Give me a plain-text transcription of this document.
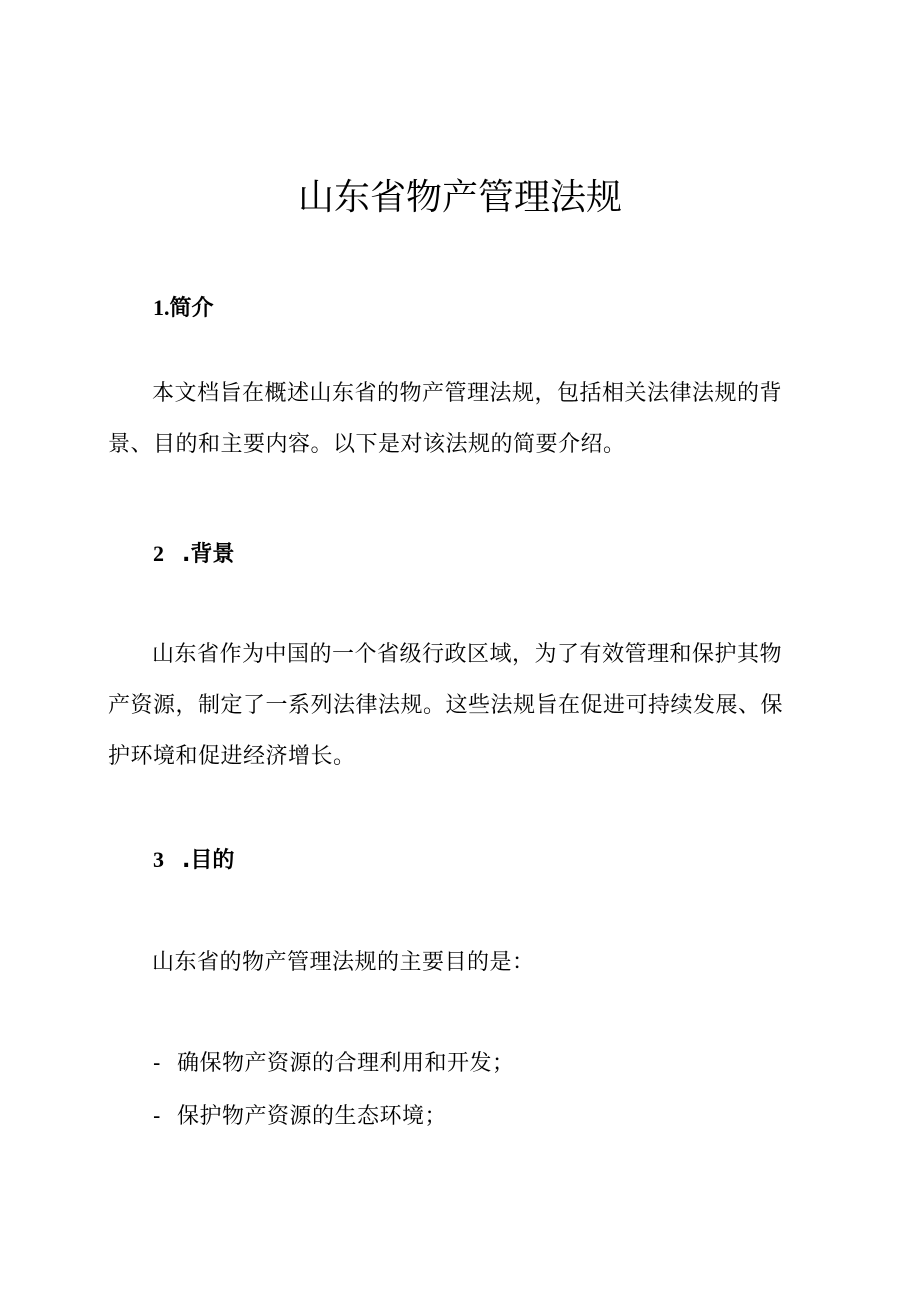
山东省物产管理法规
1.简介
本文档旨在概述山东省的物产管理法规，包括相关法律法规的背
景、目的和主要内容。以下是对该法规的简要介绍。
2 .背景
山东省作为中国的一个省级行政区域，为了有效管理和保护其物
产资源，制定了一系列法律法规。这些法规旨在促进可持续发展、保
护环境和促进经济增长。
3 .目的
山东省的物产管理法规的主要目的是：

- 确保物产资源的合理利用和开发；

- 保护物产资源的生态环境；
